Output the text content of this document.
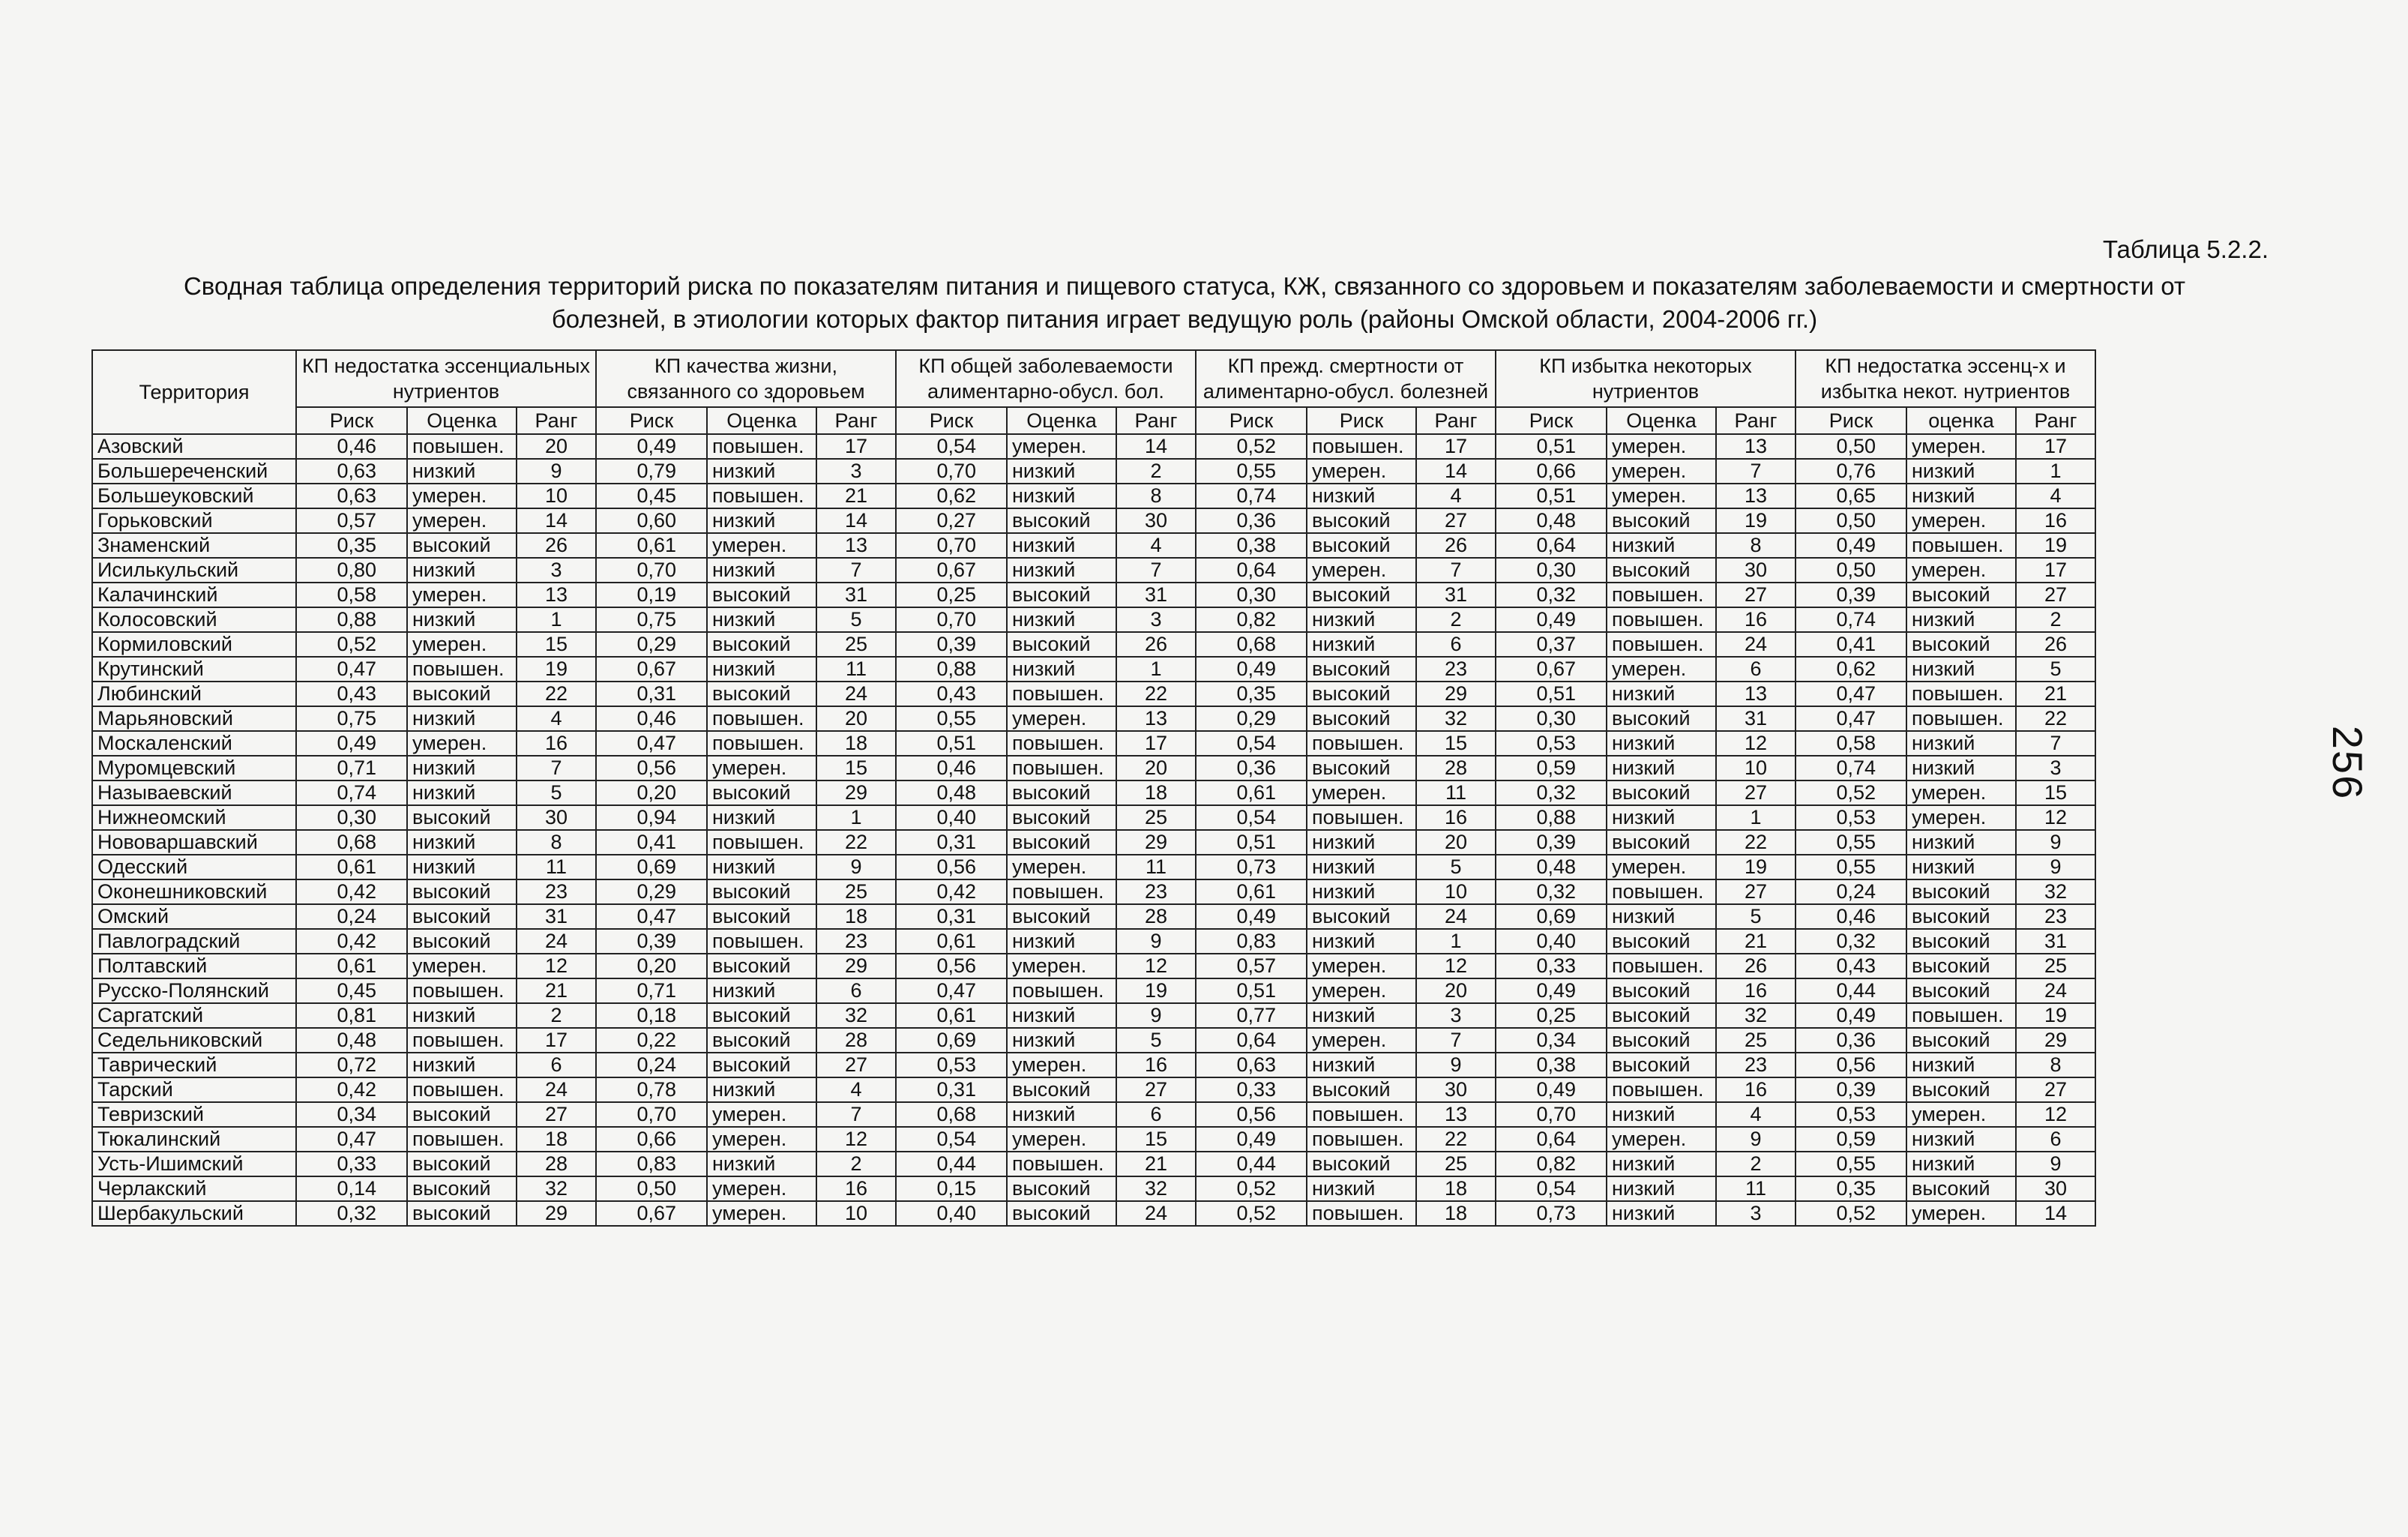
Таблица 5.2.2.
Сводная таблица определения территорий риска по показателям питания и пищевого статуса, КЖ, связанного со здоровьем и показателям заболеваемости и смертности от
болезней, в этиологии которых фактор питания играет ведущую роль (районы Омской области, 2004-2006 гг.)
Территория	КП недостатка эссенциальных нутриентов			КП качества жизни, связанного со здоровьем			КП общей заболеваемости алиментарно-обусл. бол.			КП прежд. смертности от алиментарно-обусл. болезней			КП избытка некоторых нутриентов			КП недостатка эссенц-х и избытка некот. нутриентов		
	Риск	Оценка	Ранг	Риск	Оценка	Ранг	Риск	Оценка	Ранг	Риск	Риск	Ранг	Риск	Оценка	Ранг	Риск	оценка	Ранг
Азовский	0,46	повышен.	20	0,49	повышен.	17	0,54	умерен.	14	0,52	повышен.	17	0,51	умерен.	13	0,50	умерен.	17
Большереченский	0,63	низкий	9	0,79	низкий	3	0,70	низкий	2	0,55	умерен.	14	0,66	умерен.	7	0,76	низкий	1
Большеуковский	0,63	умерен.	10	0,45	повышен.	21	0,62	низкий	8	0,74	низкий	4	0,51	умерен.	13	0,65	низкий	4
Горьковский	0,57	умерен.	14	0,60	низкий	14	0,27	высокий	30	0,36	высокий	27	0,48	высокий	19	0,50	умерен.	16
Знаменский	0,35	высокий	26	0,61	умерен.	13	0,70	низкий	4	0,38	высокий	26	0,64	низкий	8	0,49	повышен.	19
Исилькульский	0,80	низкий	3	0,70	низкий	7	0,67	низкий	7	0,64	умерен.	7	0,30	высокий	30	0,50	умерен.	17
Калачинский	0,58	умерен.	13	0,19	высокий	31	0,25	высокий	31	0,30	высокий	31	0,32	повышен.	27	0,39	высокий	27
Колосовский	0,88	низкий	1	0,75	низкий	5	0,70	низкий	3	0,82	низкий	2	0,49	повышен.	16	0,74	низкий	2
Кормиловский	0,52	умерен.	15	0,29	высокий	25	0,39	высокий	26	0,68	низкий	6	0,37	повышен.	24	0,41	высокий	26
Крутинский	0,47	повышен.	19	0,67	низкий	11	0,88	низкий	1	0,49	высокий	23	0,67	умерен.	6	0,62	низкий	5
Любинский	0,43	высокий	22	0,31	высокий	24	0,43	повышен.	22	0,35	высокий	29	0,51	низкий	13	0,47	повышен.	21
Марьяновский	0,75	низкий	4	0,46	повышен.	20	0,55	умерен.	13	0,29	высокий	32	0,30	высокий	31	0,47	повышен.	22
Москаленский	0,49	умерен.	16	0,47	повышен.	18	0,51	повышен.	17	0,54	повышен.	15	0,53	низкий	12	0,58	низкий	7
Муромцевский	0,71	низкий	7	0,56	умерен.	15	0,46	повышен.	20	0,36	высокий	28	0,59	низкий	10	0,74	низкий	3
Называевский	0,74	низкий	5	0,20	высокий	29	0,48	высокий	18	0,61	умерен.	11	0,32	высокий	27	0,52	умерен.	15
Нижнеомский	0,30	высокий	30	0,94	низкий	1	0,40	высокий	25	0,54	повышен.	16	0,88	низкий	1	0,53	умерен.	12
Нововаршавский	0,68	низкий	8	0,41	повышен.	22	0,31	высокий	29	0,51	низкий	20	0,39	высокий	22	0,55	низкий	9
Одесский	0,61	низкий	11	0,69	низкий	9	0,56	умерен.	11	0,73	низкий	5	0,48	умерен.	19	0,55	низкий	9
Оконешниковский	0,42	высокий	23	0,29	высокий	25	0,42	повышен.	23	0,61	низкий	10	0,32	повышен.	27	0,24	высокий	32
Омский	0,24	высокий	31	0,47	высокий	18	0,31	высокий	28	0,49	высокий	24	0,69	низкий	5	0,46	высокий	23
Павлоградский	0,42	высокий	24	0,39	повышен.	23	0,61	низкий	9	0,83	низкий	1	0,40	высокий	21	0,32	высокий	31
Полтавский	0,61	умерен.	12	0,20	высокий	29	0,56	умерен.	12	0,57	умерен.	12	0,33	повышен.	26	0,43	высокий	25
Русско-Полянский	0,45	повышен.	21	0,71	низкий	6	0,47	повышен.	19	0,51	умерен.	20	0,49	высокий	16	0,44	высокий	24
Саргатский	0,81	низкий	2	0,18	высокий	32	0,61	низкий	9	0,77	низкий	3	0,25	высокий	32	0,49	повышен.	19
Седельниковский	0,48	повышен.	17	0,22	высокий	28	0,69	низкий	5	0,64	умерен.	7	0,34	высокий	25	0,36	высокий	29
Таврический	0,72	низкий	6	0,24	высокий	27	0,53	умерен.	16	0,63	низкий	9	0,38	высокий	23	0,56	низкий	8
Тарский	0,42	повышен.	24	0,78	низкий	4	0,31	высокий	27	0,33	высокий	30	0,49	повышен.	16	0,39	высокий	27
Тевризский	0,34	высокий	27	0,70	умерен.	7	0,68	низкий	6	0,56	повышен.	13	0,70	низкий	4	0,53	умерен.	12
Тюкалинский	0,47	повышен.	18	0,66	умерен.	12	0,54	умерен.	15	0,49	повышен.	22	0,64	умерен.	9	0,59	низкий	6
Усть-Ишимский	0,33	высокий	28	0,83	низкий	2	0,44	повышен.	21	0,44	высокий	25	0,82	низкий	2	0,55	низкий	9
Черлакский	0,14	высокий	32	0,50	умерен.	16	0,15	высокий	32	0,52	низкий	18	0,54	низкий	11	0,35	высокий	30
Шербакульский	0,32	высокий	29	0,67	умерен.	10	0,40	высокий	24	0,52	повышен.	18	0,73	низкий	3	0,52	умерен.	14
256
